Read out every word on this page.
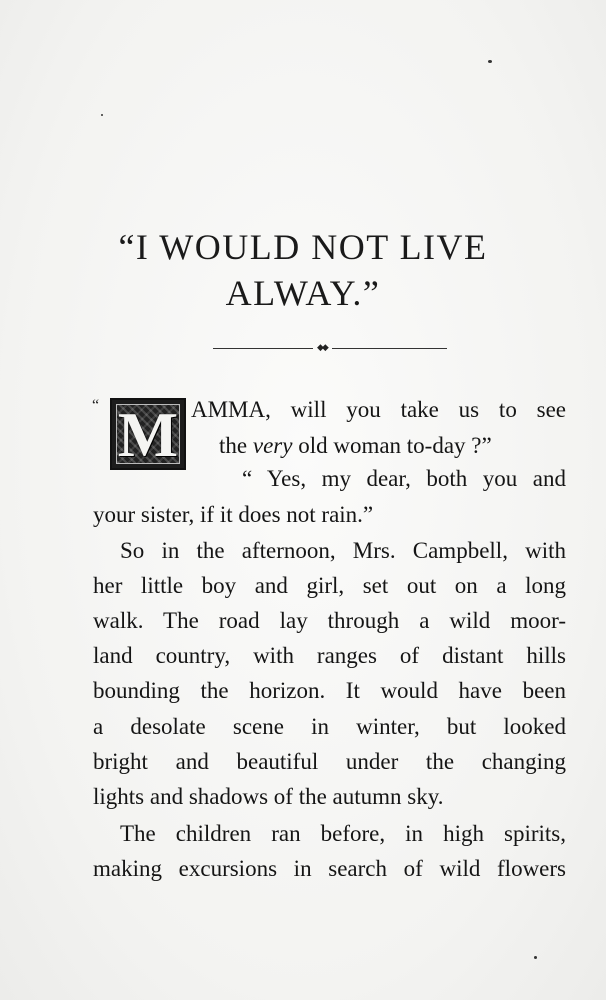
“I WOULD NOT LIVE
ALWAY.”
◆◆
“ M AMMA, will you take us to see
the very old woman to-day ?”
“ Yes, my dear, both you and
your sister, if it does not rain.”
So in the afternoon, Mrs. Campbell, with
her little boy and girl, set out on a long
walk. The road lay through a wild moor-
land country, with ranges of distant hills
bounding the horizon. It would have been
a desolate scene in winter, but looked
bright and beautiful under the changing
lights and shadows of the autumn sky.
The children ran before, in high spirits,
making excursions in search of wild flowers
